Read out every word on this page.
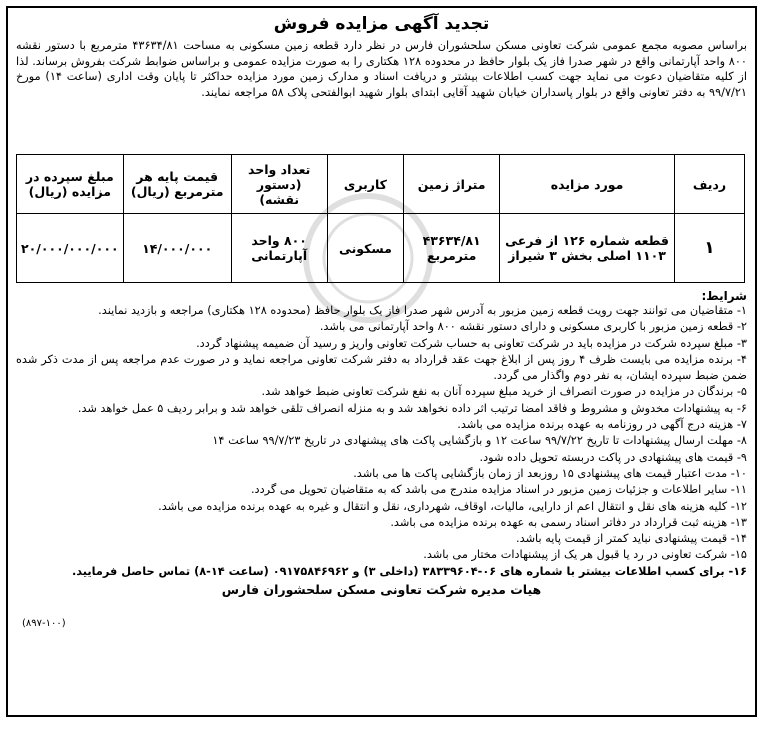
تجدید آگهی مزایده فروش
براساس مصوبه مجمع عمومی شرکت تعاونی مسکن سلحشوران فارس در نظر دارد قطعه زمین مسکونی به مساحت ۴۳۶۳۴/۸۱ مترمربع با دستور نقشه ۸۰۰ واحد آپارتمانی واقع در شهر صدرا فاز یک بلوار حافظ در محدوده ۱۲۸ هکتاری را به صورت مزایده عمومی و براساس ضوابط شرکت بفروش برساند. لذا از کلیه متقاضیان دعوت می نماید جهت کسب اطلاعات بیشتر و دریافت اسناد و مدارک زمین مورد مزایده حداکثر تا پایان وقت اداری (ساعت ۱۴) مورخ ۹۹/۷/۲۱ به دفتر تعاونی واقع در بلوار پاسداران خیابان شهید آقایی ابتدای بلوار شهید ابوالفتحی پلاک ۵۸ مراجعه نمایند.
ردیف	مورد مزایده	متراژ زمین	کاربری	تعداد واحد (دستور نقشه)	قیمت پایه هر مترمربع (ریال)	مبلغ سپرده در مزایده (ریال)
۱	قطعه شماره ۱۲۶ از فرعی ۱۱۰۳ اصلی بخش ۳ شیراز	۴۳۶۳۴/۸۱ مترمربع	مسکونی	۸۰۰ واحد آپارتمانی	۱۴/۰۰۰/۰۰۰	۲۰/۰۰۰/۰۰۰/۰۰۰
شرایط:
۱- متقاضیان می توانند جهت رویت قطعه زمین مزبور به آدرس شهر صدرا فاز یک بلوار حافظ (محدوده ۱۲۸ هکتاری) مراجعه و بازدید نمایند.
۲- قطعه زمین مزبور با کاربری مسکونی و دارای دستور نقشه ۸۰۰ واحد آپارتمانی می باشد.
۳- مبلغ سپرده شرکت در مزایده باید در شرکت تعاونی به حساب شرکت تعاونی واریز و رسید آن ضمیمه پیشنهاد گردد.
۴- برنده مزایده می بایست ظرف ۴ روز پس از ابلاغ جهت عقد قرارداد به دفتر شرکت تعاونی مراجعه نماید و در صورت عدم مراجعه پس از مدت ذکر شده ضمن ضبط سپرده ایشان، به نفر دوم واگذار می گردد.
۵- برندگان در مزایده در صورت انصراف از خرید مبلغ سپرده آنان به نفع شرکت تعاونی ضبط خواهد شد.
۶- به پیشنهادات مخدوش و مشروط و فاقد امضا ترتیب اثر داده نخواهد شد و به منزله انصراف تلقی خواهد شد و برابر ردیف ۵ عمل خواهد شد.
۷- هزینه درج آگهی در روزنامه به عهده برنده مزایده می باشد.
۸- مهلت ارسال پیشنهادات تا تاریخ ۹۹/۷/۲۲ ساعت ۱۲ و بازگشایی پاکت های پیشنهادی در تاریخ ۹۹/۷/۲۳ ساعت ۱۴
۹- قیمت های پیشنهادی در پاکت دربسته تحویل داده شود.
۱۰- مدت اعتبار قیمت های پیشنهادی ۱۵ روزبعد از زمان بازگشایی پاکت ها می باشد.
۱۱- سایر اطلاعات و جزئیات زمین مزبور در اسناد مزایده مندرج می باشد که به متقاضیان تحویل می گردد.
۱۲- کلیه هزینه های نقل و انتقال اعم از دارایی، مالیات، اوقاف، شهرداری، نقل و انتقال و غیره به عهده برنده مزایده می باشد.
۱۳- هزینه ثبت قرارداد در دفاتر اسناد رسمی به عهده برنده مزایده می باشد.
۱۴- قیمت پیشنهادی نباید کمتر از قیمت پایه باشد.
۱۵- شرکت تعاونی در رد یا قبول هر یک از پیشنهادات مختار می باشد.
۱۶- برای کسب اطلاعات بیشتر با شماره های ۰۶-۳۸۳۳۹۶۰۴ (داخلی ۳) و ۰۹۱۷۵۸۴۶۹۶۲ (ساعت ۱۴-۸) تماس حاصل فرمایید.
(۸۹۷-۱۰۰)
هیات مدیره شرکت تعاونی مسکن سلحشوران فارس
